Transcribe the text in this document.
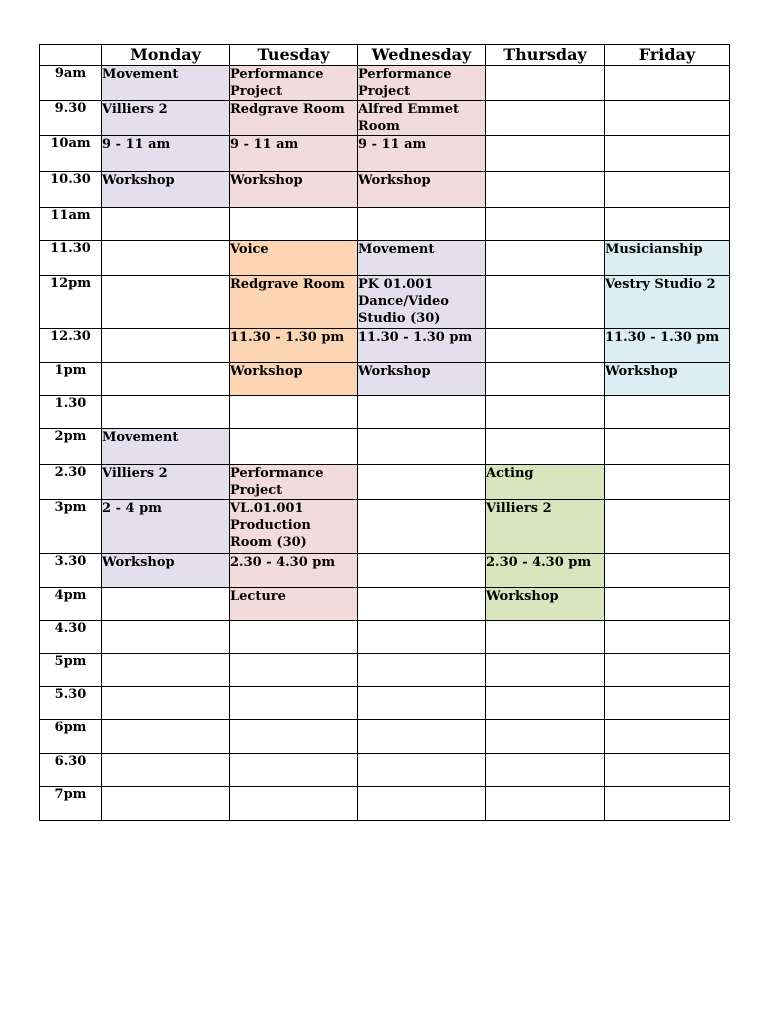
	Monday	Tuesday	Wednesday	Thursday	Friday
9am	Movement	Performance Project	Performance Project		
9.30	Villiers 2	Redgrave Room	Alfred Emmet Room		
10am	9 - 11 am	9 - 11 am	9 - 11 am		
10.30	Workshop	Workshop	Workshop		
11am					
11.30		Voice	Movement		Musicianship
12pm		Redgrave Room	PK 01.001 Dance/Video Studio (30)		Vestry Studio 2
12.30		11.30 - 1.30 pm	11.30 - 1.30 pm		11.30 - 1.30 pm
1pm		Workshop	Workshop		Workshop
1.30					
2pm	Movement				
2.30	Villiers 2	Performance Project		Acting	
3pm	2 - 4 pm	VL.01.001 Production Room (30)		Villiers 2	
3.30	Workshop	2.30 - 4.30 pm		2.30 - 4.30 pm	
4pm		Lecture		Workshop	
4.30					
5pm					
5.30					
6pm					
6.30					
7pm					
